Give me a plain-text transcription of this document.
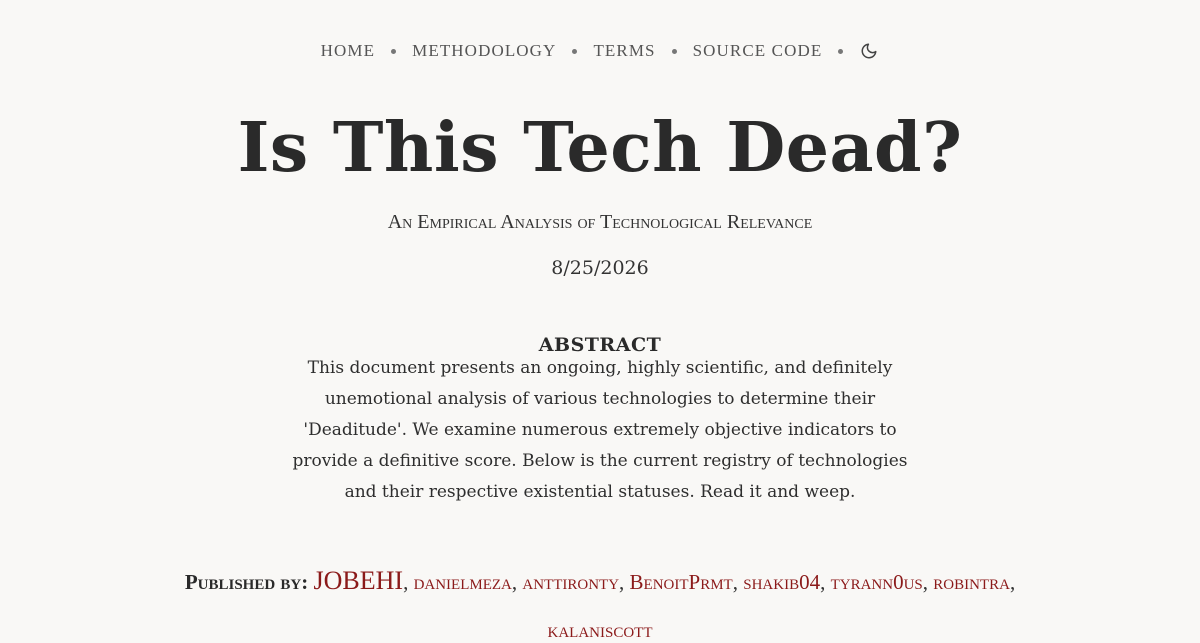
HOME METHODOLOGY TERMS SOURCE CODE
Is This Tech Dead?
An Empirical Analysis of Technological Relevance
8/25/2026
ABSTRACT
This document presents an ongoing, highly scientific, and definitely unemotional analysis of various technologies to determine their 'Deaditude'. We examine numerous extremely objective indicators to provide a definitive score. Below is the current registry of technologies and their respective existential statuses. Read it and weep.
Published by: JOBEHI, danielmeza, anttironty, BenoitPrmt, shakib04, tyrann0us, robintra,
kalaniscott
